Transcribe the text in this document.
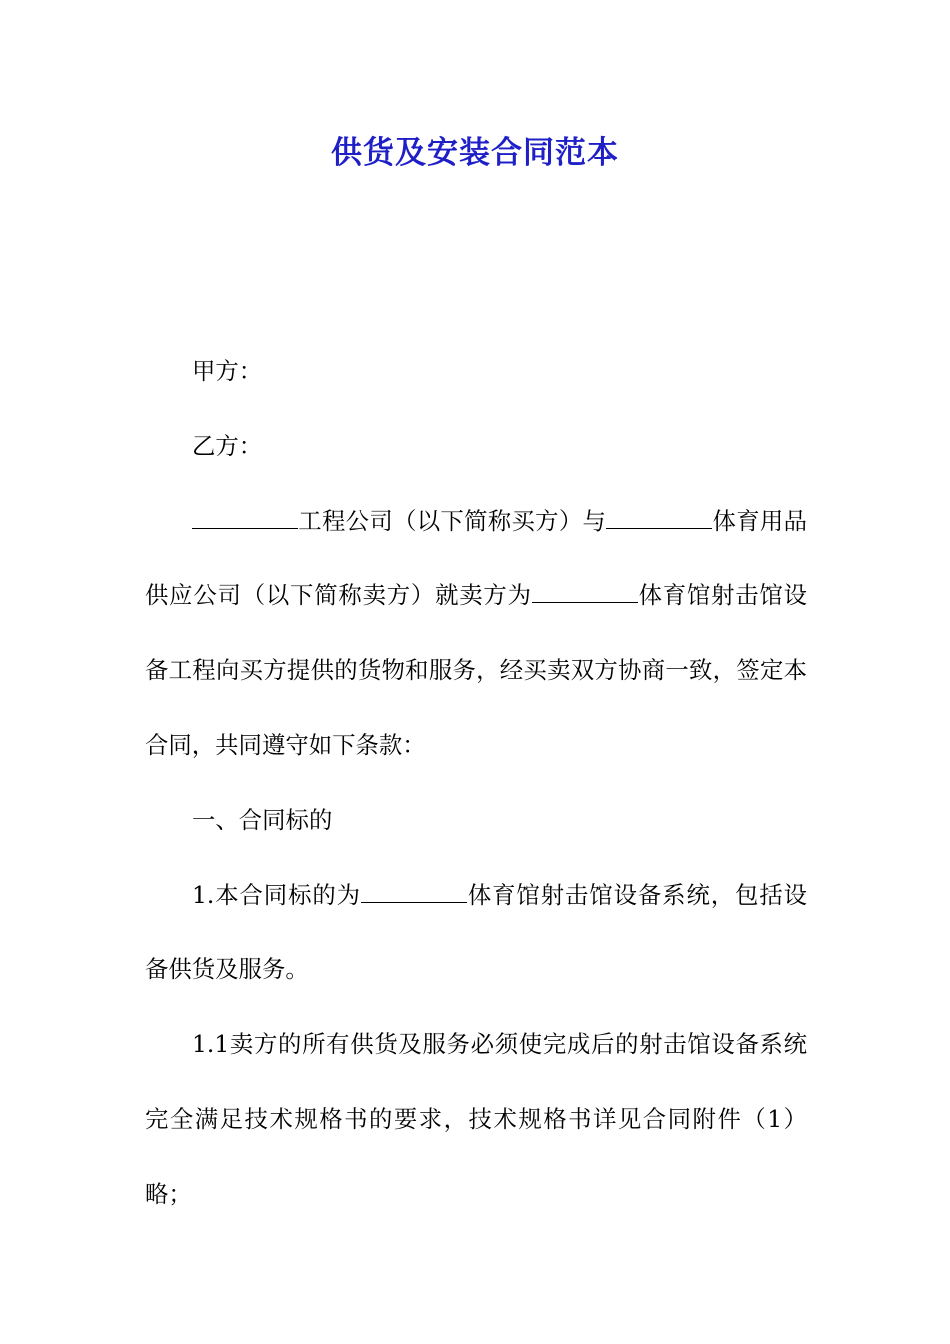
供货及安装合同范本

甲方：

乙方：

工程公司（以下简称买方）与	体育用品供应公司（以下简称卖方）就卖方为	体育馆射击馆设备工程向买方提供的货物和服务，经买卖双方协商一致，签定本合同，共同遵守如下条款：

一、合同标的

1.本合同标的为	体育馆射击馆设备系统，包括设备供货及服务。

1.1卖方的所有供货及服务必须使完成后的射击馆设备系统完全满足技术规格书的要求，技术规格书详见合同附件（1）略；
